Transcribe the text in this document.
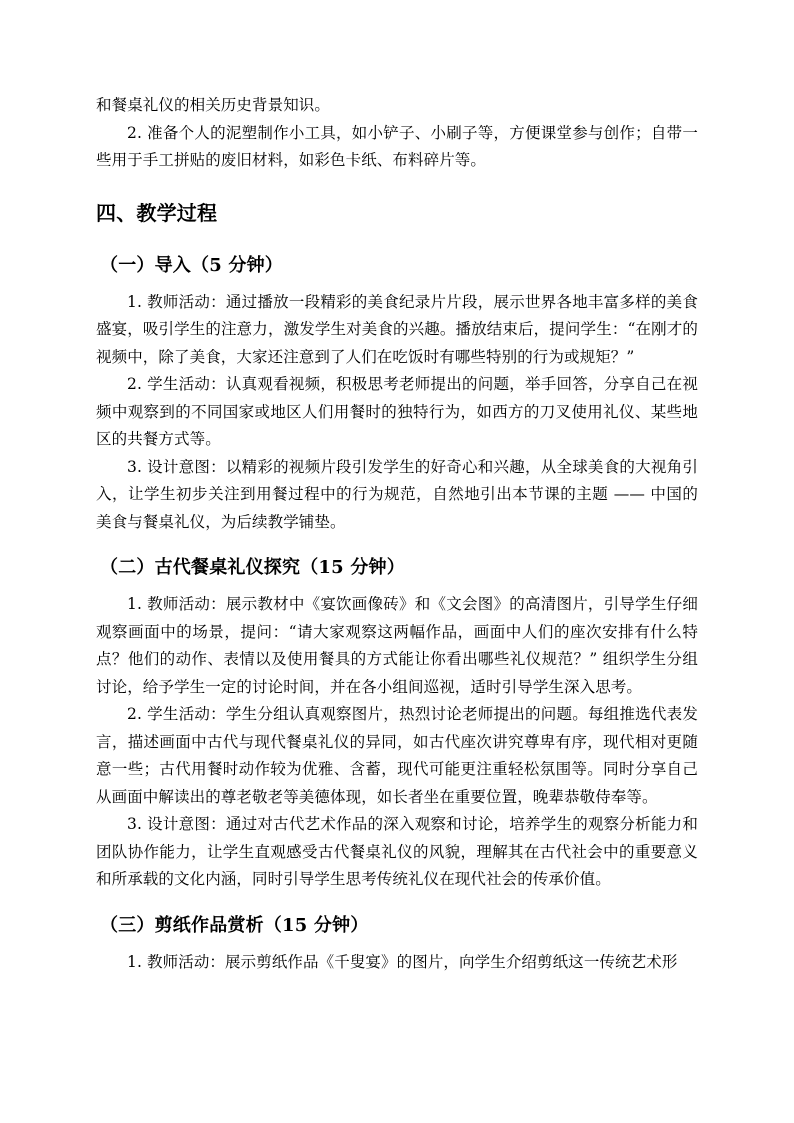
和餐桌礼仪的相关历史背景知识。

2. 准备个人的泥塑制作小工具，如小铲子、小刷子等，方便课堂参与创作；自带一些用于手工拼贴的废旧材料，如彩色卡纸、布料碎片等。

四、教学过程
（一）导入（5 分钟）

1. 教师活动：通过播放一段精彩的美食纪录片片段，展示世界各地丰富多样的美食盛宴，吸引学生的注意力，激发学生对美食的兴趣。播放结束后，提问学生：“在刚才的视频中，除了美食，大家还注意到了人们在吃饭时有哪些特别的行为或规矩？”

2. 学生活动：认真观看视频，积极思考老师提出的问题，举手回答，分享自己在视频中观察到的不同国家或地区人们用餐时的独特行为，如西方的刀叉使用礼仪、某些地区的共餐方式等。

3. 设计意图：以精彩的视频片段引发学生的好奇心和兴趣，从全球美食的大视角引入，让学生初步关注到用餐过程中的行为规范，自然地引出本节课的主题 —— 中国的美食与餐桌礼仪，为后续教学铺垫。

（二）古代餐桌礼仪探究（15 分钟）

1. 教师活动：展示教材中《宴饮画像砖》和《文会图》的高清图片，引导学生仔细观察画面中的场景，提问：“请大家观察这两幅作品，画面中人们的座次安排有什么特点？他们的动作、表情以及使用餐具的方式能让你看出哪些礼仪规范？” 组织学生分组讨论，给予学生一定的讨论时间，并在各小组间巡视，适时引导学生深入思考。

2. 学生活动：学生分组认真观察图片，热烈讨论老师提出的问题。每组推选代表发言，描述画面中古代与现代餐桌礼仪的异同，如古代座次讲究尊卑有序，现代相对更随意一些；古代用餐时动作较为优雅、含蓄，现代可能更注重轻松氛围等。同时分享自己从画面中解读出的尊老敬老等美德体现，如长者坐在重要位置，晚辈恭敬侍奉等。

3. 设计意图：通过对古代艺术作品的深入观察和讨论，培养学生的观察分析能力和团队协作能力，让学生直观感受古代餐桌礼仪的风貌，理解其在古代社会中的重要意义和所承载的文化内涵，同时引导学生思考传统礼仪在现代社会的传承价值。

（三）剪纸作品赏析（15 分钟）

1. 教师活动：展示剪纸作品《千叟宴》的图片，向学生介绍剪纸这一传统艺术形
